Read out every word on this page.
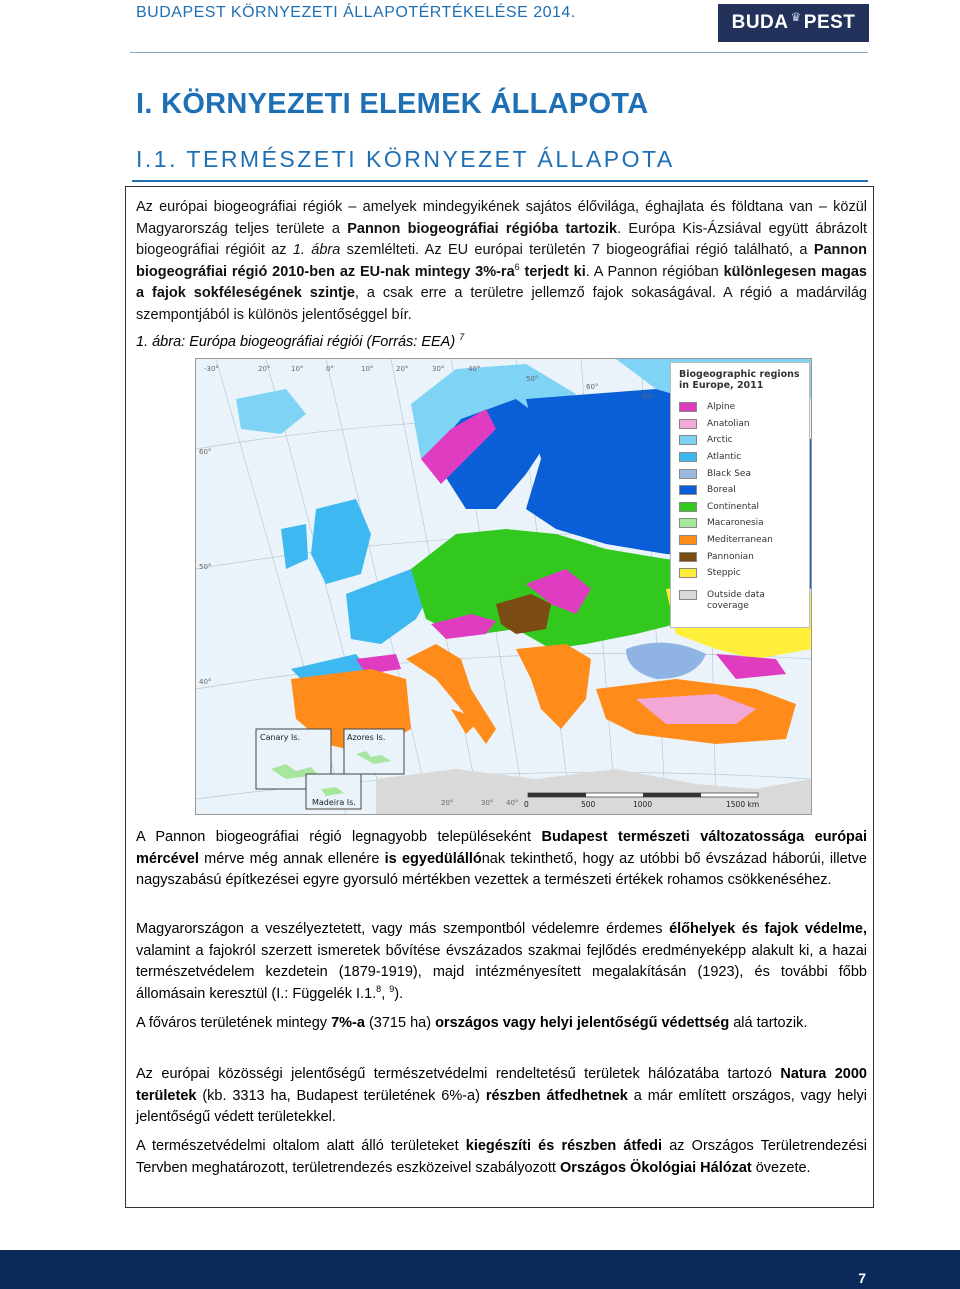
BUDAPEST KÖRNYEZETI ÁLLAPOTÉRTÉKELÉSE 2014.	BUDA ♛ PEST
I. KÖRNYEZETI ELEMEK ÁLLAPOTA
I.1. TERMÉSZETI KÖRNYEZET ÁLLAPOTA

Az európai biogeográfiai régiók – amelyek mindegyikének sajátos élővilága, éghajlata és földtana van – közül Magyarország teljes területe a Pannon biogeográfiai régióba tartozik. Európa Kis-Ázsiával együtt ábrázolt biogeográfiai régióit az 1. ábra szemlélteti. Az EU európai területén 7 biogeográfiai régió található, a Pannon biogeográfiai régió 2010-ben az EU-nak mintegy $3\%-ra^6$ terjedt ki. A Pannon régióban különlegesen magas a fajok sokféleségének szintje, a csak erre a területre jellemző fajok sokaságával. A régió a madárvilág szempontjából is különös jelentőséggel bír.

1. ábra: Európa biogeográfiai régiói (Forrás: EEA) $^7$
Canary Is.	Azores Is.
Madeira Is.
-30°	20°	10°	0°	10°	20°	30°	40°
50°
60°
70°
60°
50°
40°
20°	30° 40° 0	500	1000	1500 km
Biogeographic regions in Europe, 2011
Alpine
Anatolian
Arctic
Atlantic
Black Sea
Boreal
Continental
Macaronesia
Mediterranean
Pannonian
Steppic
Outside data coverage

A Pannon biogeográfiai régió legnagyobb településeként Budapest természeti változatossága európai mércével mérve még annak ellenére is egyedülállónak tekinthető, hogy az utóbbi bő évszázad háborúi, illetve nagyszabású építkezései egyre gyorsuló mértékben vezettek a természeti értékek rohamos csökkenéséhez.

Magyarországon a veszélyeztetett, vagy más szempontból védelemre érdemes élőhelyek és fajok védelme, valamint a fajokról szerzett ismeretek bővítése évszázados szakmai fejlődés eredményeképp alakult ki, a hazai természetvédelem kezdetein (1879-1919), majd intézményesített megalakításán (1923), és további főbb állomásain keresztül (I.: Függelék I.1.$^8$, $^9$).

A főváros területének mintegy 7%-a (3715 ha) országos vagy helyi jelentőségű védettség alá tartozik.

Az európai közösségi jelentőségű természetvédelmi rendeltetésű területek hálózatába tartozó Natura 2000 területek (kb. 3313 ha, Budapest területének 6%-a) részben átfedhetnek a már említett országos, vagy helyi jelentőségű védett területekkel.

A természetvédelmi oltalom alatt álló területeket kiegészíti és részben átfedi az Országos Területrendezési Tervben meghatározott, területrendezés eszközeivel szabályozott Országos Ökológiai Hálózat övezete.

7
